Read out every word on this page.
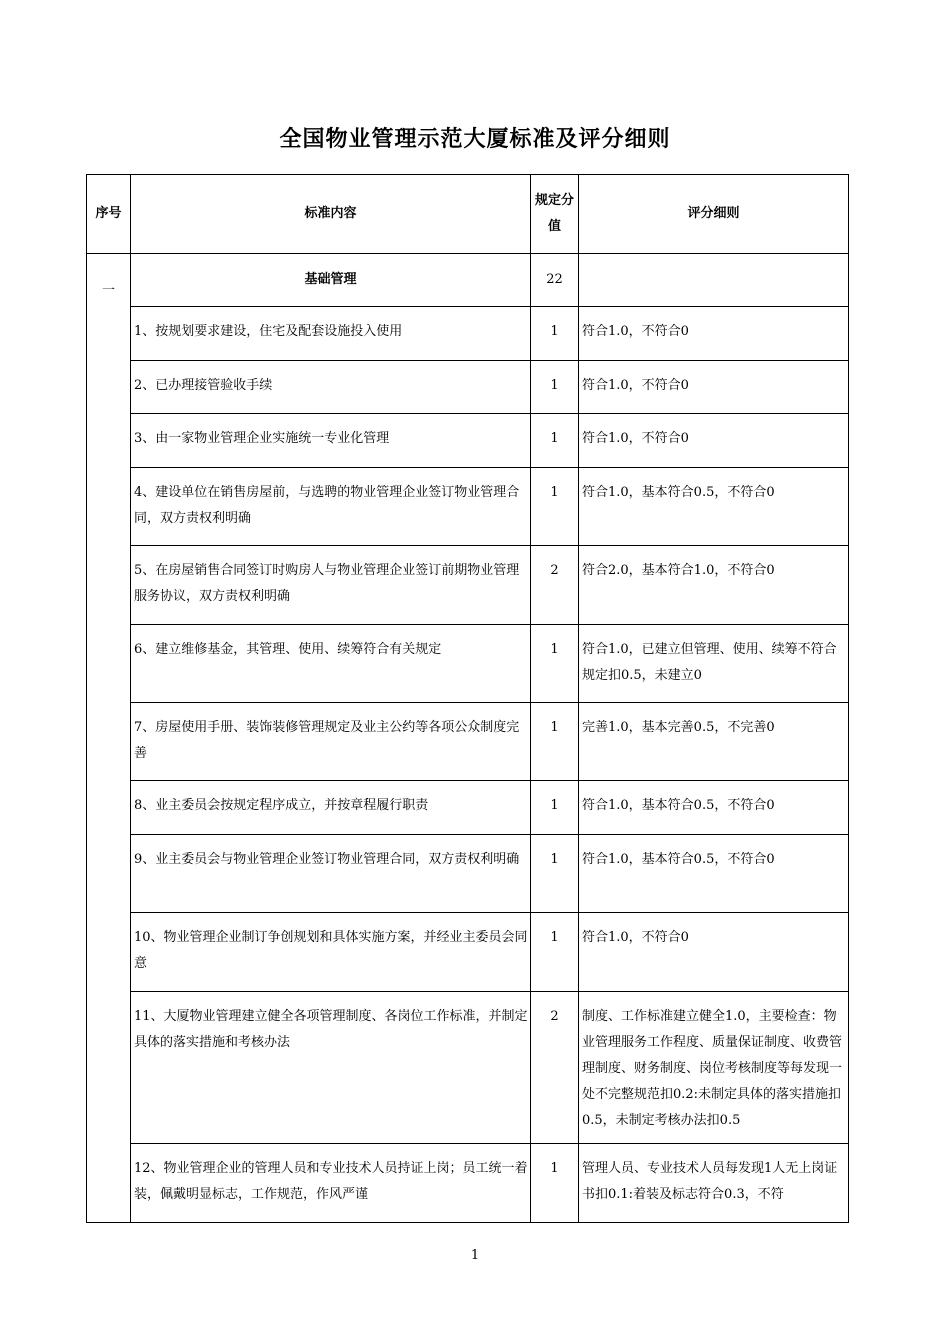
全国物业管理示范大厦标准及评分细则
序号	标准内容	规定分值	评分细则
一	基础管理	22	
	1、按规划要求建设，住宅及配套设施投入使用	1	符合1.0，不符合0
	2、已办理接管验收手续	1	符合1.0，不符合0
	3、由一家物业管理企业实施统一专业化管理	1	符合1.0，不符合0
	4、建设单位在销售房屋前，与选聘的物业管理企业签订物业管理合同，双方责权利明确	1	符合1.0，基本符合0.5，不符合0
	5、在房屋销售合同签订时购房人与物业管理企业签订前期物业管理服务协议，双方责权利明确	2	符合2.0，基本符合1.0，不符合0
	6、建立维修基金，其管理、使用、续筹符合有关规定	1	符合1.0，已建立但管理、使用、续筹不符合规定扣0.5，未建立0
	7、房屋使用手册、装饰装修管理规定及业主公约等各项公众制度完善	1	完善1.0，基本完善0.5，不完善0
	8、业主委员会按规定程序成立，并按章程履行职责	1	符合1.0，基本符合0.5，不符合0
	9、业主委员会与物业管理企业签订物业管理合同，双方责权利明确	1	符合1.0，基本符合0.5，不符合0
	10、物业管理企业制订争创规划和具体实施方案，并经业主委员会同意	1	符合1.0，不符合0
	11、大厦物业管理建立健全各项管理制度、各岗位工作标准，并制定具体的落实措施和考核办法	2	制度、工作标准建立健全1.0，主要检查：物业管理服务工作程度、质量保证制度、收费管理制度、财务制度、岗位考核制度等每发现一处不完整规范扣0.2:未制定具体的落实措施扣0.5，未制定考核办法扣0.5
	12、物业管理企业的管理人员和专业技术人员持证上岗；员工统一着装，佩戴明显标志，工作规范，作风严谨	1	管理人员、专业技术人员每发现1人无上岗证书扣0.1:着装及标志符合0.3，不符
1
